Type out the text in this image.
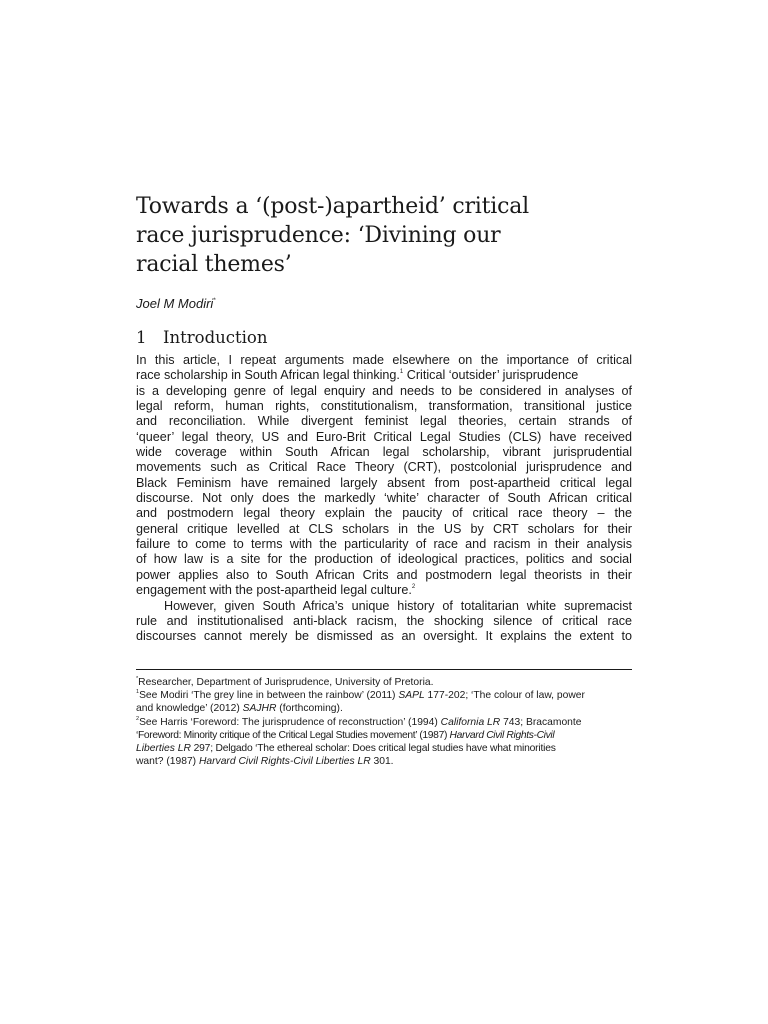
Towards a ‘(post-)apartheid’ critical
race jurisprudence: ‘Divining our
racial themes’
Joel M Modiri*
1 Introduction
In this article, I repeat arguments made elsewhere on the importance of critical
race scholarship in South African legal thinking.$^1$ Critical ‘outsider’ jurisprudence
is a developing genre of legal enquiry and needs to be considered in analyses of
legal reform, human rights, constitutionalism, transformation, transitional justice
and reconciliation. While divergent feminist legal theories, certain strands of
‘queer’ legal theory, US and Euro-Brit Critical Legal Studies (CLS) have received
wide coverage within South African legal scholarship, vibrant jurisprudential
movements such as Critical Race Theory (CRT), postcolonial jurisprudence and
Black Feminism have remained largely absent from post-apartheid critical legal
discourse. Not only does the markedly ‘white’ character of South African critical
and postmodern legal theory explain the paucity of critical race theory – the
general critique levelled at CLS scholars in the US by CRT scholars for their
failure to come to terms with the particularity of race and racism in their analysis
of how law is a site for the production of ideological practices, politics and social
power applies also to South African Crits and postmodern legal theorists in their
engagement with the post-apartheid legal culture.$^2$
However, given South Africa’s unique history of totalitarian white supremacist
rule and institutionalised anti-black racism, the shocking silence of critical race
discourses cannot merely be dismissed as an oversight. It explains the extent to
*Researcher, Department of Jurisprudence, University of Pretoria.
$^1$See Modiri ‘The grey line in between the rainbow’ (2011) SAPL 177-202; ‘The colour of law, power
and knowledge’ (2012) SAJHR (forthcoming).
$^2$See Harris ‘Foreword: The jurisprudence of reconstruction’ (1994) California LR 743; Bracamonte
‘Foreword: Minority critique of the Critical Legal Studies movement’ (1987) Harvard Civil Rights-Civil
Liberties LR 297; Delgado ‘The ethereal scholar: Does critical legal studies have what minorities
want? (1987) Harvard Civil Rights-Civil Liberties LR 301.
